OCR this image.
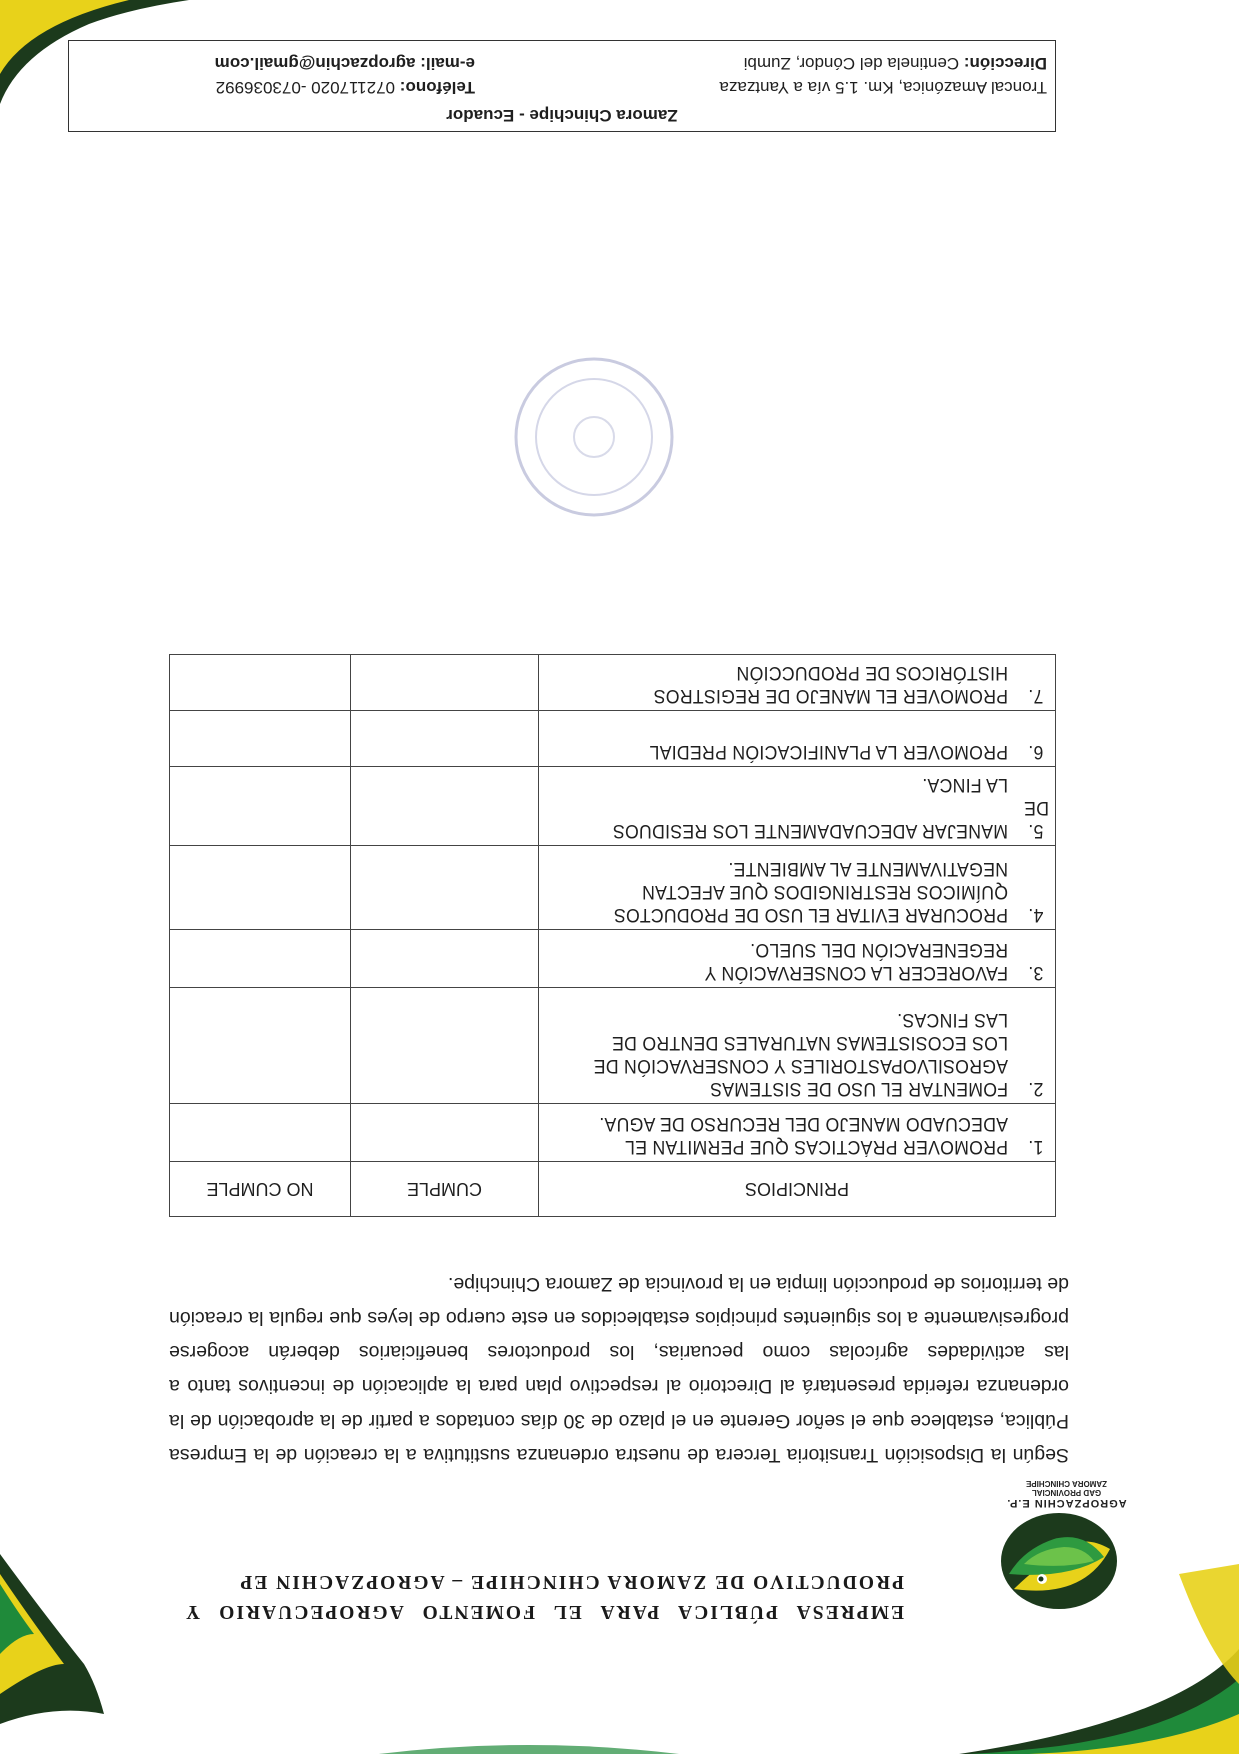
AGROPZACHIN E.P.
GAD PROVINCIAL
ZAMORA CHINCHIPE
EMPRESA PÚBLICA PARA EL FOMENTO AGROPECUARIO Y PRODUCTIVO DE ZAMORA CHINCHIPE – AGROPZACHIN EP
Según la Disposición Transitoria Tercera de nuestra ordenanza sustitutiva a la creación de la Empresa Pública, establece que el señor Gerente en el plazo de 30 días contados a partir de la aprobación de la ordenanza referida presentará al Directorio al respectivo plan para la aplicación de incentivos tanto a las actividades agrícolas como pecuarias, los productores beneficiarios deberán acogerse progresivamente a los siguientes principios establecidos en este cuerpo de leyes que regula la creación de territorios de producción limpia en la provincia de Zamora Chinchipe.
PRINCIPIOS	CUMPLE	NO CUMPLE
1.PROMOVER PRÁCTICAS QUE PERMITAN EL
ADECUADO MANEJO DEL RECURSO DE AGUA.		

2.FOMENTAR EL USO DE SISTEMAS
AGROSILVOPASTORILES Y CONSERVACIÓN DE LOS ECOSISTEMAS NATURALES DENTRO DE LAS FINCAS.		

3.FAVORECER LA CONSERVACIÓN Y
REGENERACIÓN DEL SUELO.		

4.PROCURAR EVITAR EL USO DE PRODUCTOS
QUÍMICOS RESTRINGIDOS QUE AFECTAN NEGATIVAMENTE AL AMBIENTE.		

5.MANEJAR ADECUADAMENTE LOS RESIDUOS DE
LA FINCA.		

6.PROMOVER LA PLANIFICACIÓN PREDIAL

7.PROMOVER EL MANEJO DE REGISTROS
HISTÓRICOS DE PRODUCCIÓN		

Zamora Chinchipe - Ecuador
Troncal Amazónica, Km. 1.5 vía a Yantzaza
Dirección: Centinela del Cóndor, Zumbi
Teléfono: 072117020 -073036992
e-mail: agropzachin@gmail.com
